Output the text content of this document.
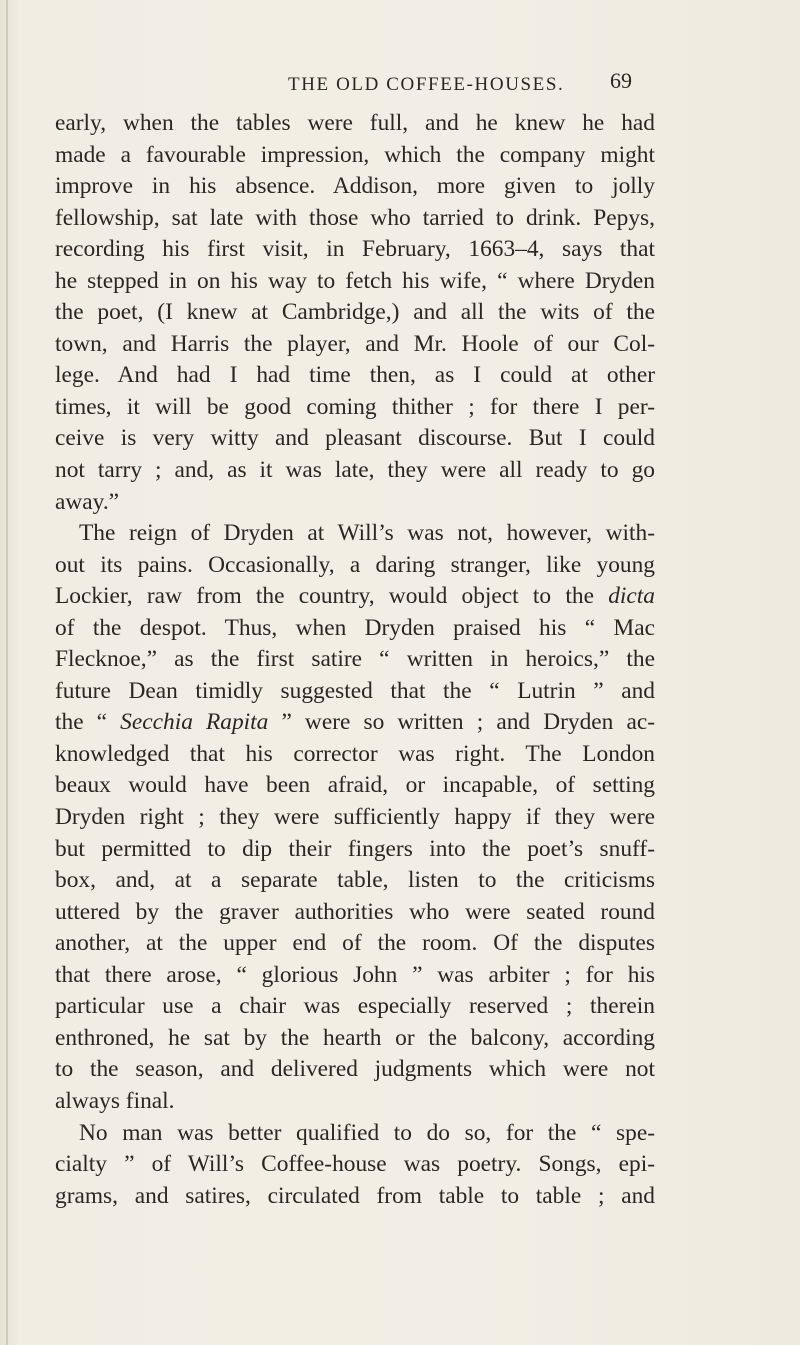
THE OLD COFFEE-HOUSES. 69
early, when the tables were full, and he knew he had
made a favourable impression, which the company might
improve in his absence. Addison, more given to jolly
fellowship, sat late with those who tarried to drink. Pepys,
recording his first visit, in February, 1663–4, says that
he stepped in on his way to fetch his wife, “ where Dryden
the poet, (I knew at Cambridge,) and all the wits of the
town, and Harris the player, and Mr. Hoole of our Col-
lege. And had I had time then, as I could at other
times, it will be good coming thither ; for there I per-
ceive is very witty and pleasant discourse. But I could
not tarry ; and, as it was late, they were all ready to go
away.”
The reign of Dryden at Will’s was not, however, with-
out its pains. Occasionally, a daring stranger, like young
Lockier, raw from the country, would object to the dicta
of the despot. Thus, when Dryden praised his “ Mac
Flecknoe,” as the first satire “ written in heroics,” the
future Dean timidly suggested that the “ Lutrin ” and
the “ Secchia Rapita ” were so written ; and Dryden ac-
knowledged that his corrector was right. The London
beaux would have been afraid, or incapable, of setting
Dryden right ; they were sufficiently happy if they were
but permitted to dip their fingers into the poet’s snuff-
box, and, at a separate table, listen to the criticisms
uttered by the graver authorities who were seated round
another, at the upper end of the room. Of the disputes
that there arose, “ glorious John ” was arbiter ; for his
particular use a chair was especially reserved ; therein
enthroned, he sat by the hearth or the balcony, according
to the season, and delivered judgments which were not
always final.
No man was better qualified to do so, for the “ spe-
cialty ” of Will’s Coffee-house was poetry. Songs, epi-
grams, and satires, circulated from table to table ; and
